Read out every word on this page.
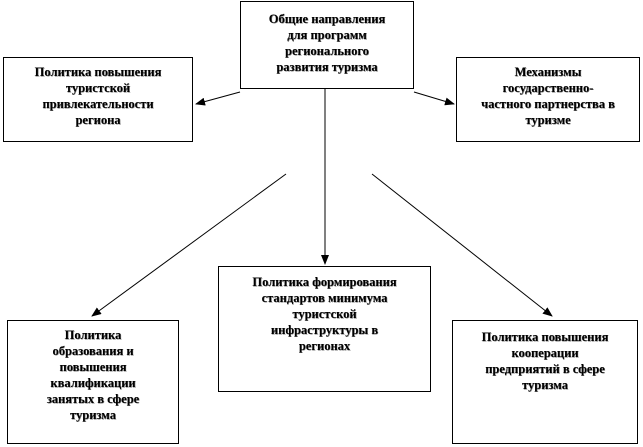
Общие направления
для программ
регионального
развития туризма
Политика повышения
туристской
привлекательности
региона
Механизмы
государственно-
частного партнерства в
туризме
Политика
образования и
повышения
квалификации
занятых в сфере
туризма
Политика формирования
стандартов минимума
туристской
инфраструктуры в
регионах
Политика повышения
кооперации
предприятий в сфере
туризма
